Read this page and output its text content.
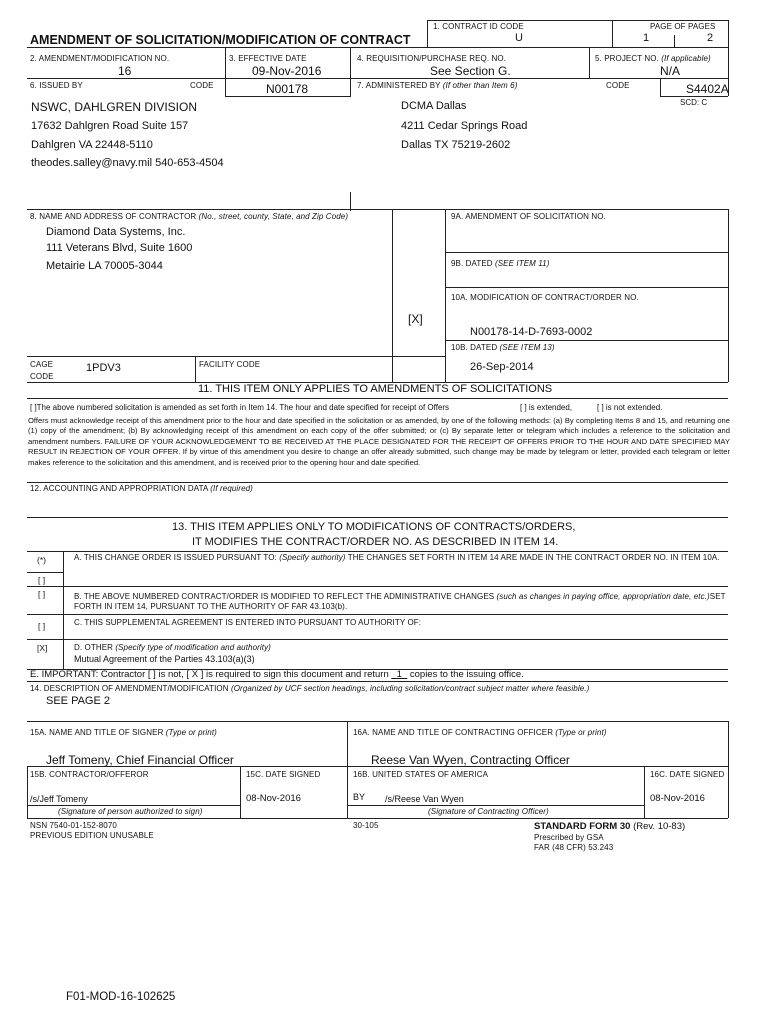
AMENDMENT OF SOLICITATION/MODIFICATION OF CONTRACT
1. CONTRACT ID CODE
U
PAGE OF PAGES
1	2
2. AMENDMENT/MODIFICATION NO.
16
3. EFFECTIVE DATE
09-Nov-2016
4. REQUISITION/PURCHASE REQ. NO.
See Section G.
5. PROJECT NO. (If applicable)
N/A
6. ISSUED BY	CODE	N00178	7. ADMINISTERED BY (If other than Item 6)	CODE	S4402A
SCD: C
NSWC, DAHLGREN DIVISION
17632 Dahlgren Road Suite 157
Dahlgren VA 22448-5110
theodes.salley@navy.mil 540-653-4504
DCMA Dallas
4211 Cedar Springs Road
Dallas TX 75219-2602
8. NAME AND ADDRESS OF CONTRACTOR (No., street, county, State, and Zip Code)
Diamond Data Systems, Inc.
111 Veterans Blvd, Suite 1600
Metairie LA 70005-3044
CAGE
CODE
1PDV3	FACILITY CODE
9A. AMENDMENT OF SOLICITATION NO.
9B. DATED (SEE ITEM 11)
10A. MODIFICATION OF CONTRACT/ORDER NO.
[X]
N00178-14-D-7693-0002
10B. DATED (SEE ITEM 13)
26-Sep-2014
11. THIS ITEM ONLY APPLIES TO AMENDMENTS OF SOLICITATIONS
[ ]The above numbered solicitation is amended as set forth in Item 14. The hour and date specified for receipt of Offers	[ ] is extended,	[ ] is not extended.
Offers must acknowledge receipt of this amendment prior to the hour and date specified in the solicitation or as amended, by one of the following methods: (a) By completing Items 8 and 15, and returning one (1) copy of the amendment; (b) By acknowledging receipt of this amendment on each copy of the offer submitted; or (c) By separate letter or telegram which includes a reference to the solicitation and amendment numbers. FAILURE OF YOUR ACKNOWLEDGEMENT TO BE RECEIVED AT THE PLACE DESIGNATED FOR THE RECEIPT OF OFFERS PRIOR TO THE HOUR AND DATE SPECIFIED MAY RESULT IN REJECTION OF YOUR OFFER. If by virtue of this amendment you desire to change an offer already submitted, such change may be made by telegram or letter, provided each telegram or letter makes reference to the solicitation and this amendment, and is received prior to the opening hour and date specified.
12. ACCOUNTING AND APPROPRIATION DATA (If required)
13. THIS ITEM APPLIES ONLY TO MODIFICATIONS OF CONTRACTS/ORDERS,
IT MODIFIES THE CONTRACT/ORDER NO. AS DESCRIBED IN ITEM 14.
(*)	A. THIS CHANGE ORDER IS ISSUED PURSUANT TO: (Specify authority) THE CHANGES SET FORTH IN ITEM 14 ARE MADE IN THE CONTRACT ORDER NO. IN ITEM 10A.
[ ]
[ ]	B. THE ABOVE NUMBERED CONTRACT/ORDER IS MODIFIED TO REFLECT THE ADMINISTRATIVE CHANGES (such as changes in paying office, appropriation date, etc.)SET FORTH IN ITEM 14, PURSUANT TO THE AUTHORITY OF FAR 43.103(b).
[ ]	C. THIS SUPPLEMENTAL AGREEMENT IS ENTERED INTO PURSUANT TO AUTHORITY OF:
[X]	D. OTHER (Specify type of modification and authority)
Mutual Agreement of the Parties 43.103(a)(3)
E. IMPORTANT: Contractor [ ] is not, [ X ] is required to sign this document and return 1 copies to the issuing office.
14. DESCRIPTION OF AMENDMENT/MODIFICATION (Organized by UCF section headings, including solicitation/contract subject matter where feasible.)
SEE PAGE 2
15A. NAME AND TITLE OF SIGNER (Type or print)
Jeff Tomeny, Chief Financial Officer
16A. NAME AND TITLE OF CONTRACTING OFFICER (Type or print)
Reese Van Wyen, Contracting Officer
15B. CONTRACTOR/OFFEROR	15C. DATE SIGNED	16B. UNITED STATES OF AMERICA	16C. DATE SIGNED
/s/Jeff Tomeny	08-Nov-2016	BY /s/Reese Van Wyen	08-Nov-2016
(Signature of person authorized to sign)	(Signature of Contracting Officer)
NSN 7540-01-152-8070
PREVIOUS EDITION UNUSABLE
30-105	STANDARD FORM 30 (Rev. 10-83)
Prescribed by GSA
FAR (48 CFR) 53.243
F01-MOD-16-102625
